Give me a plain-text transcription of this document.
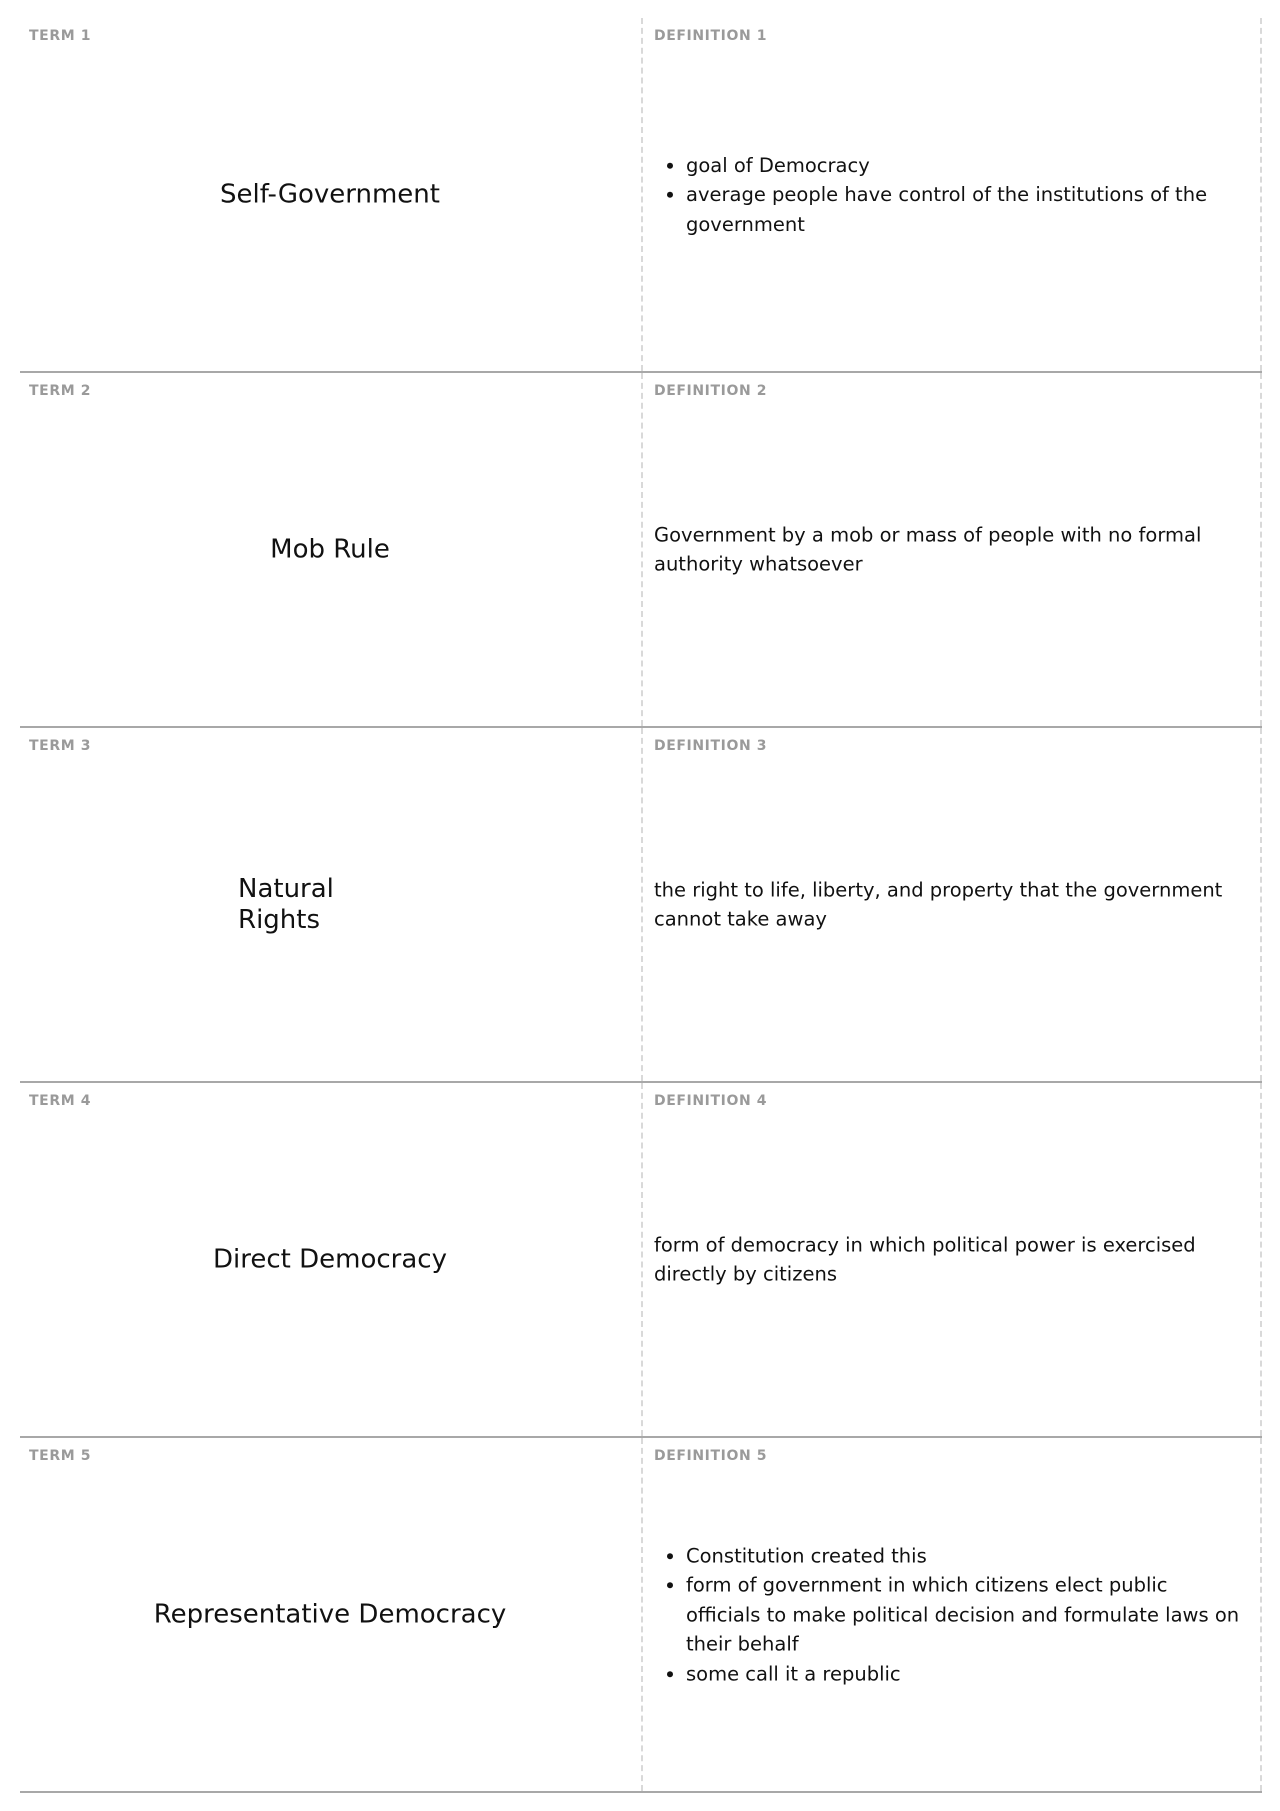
TERM 1
Self-Government
DEFINITION 1
• goal of Democracy
• average people have control of the institutions of the government
TERM 2
Mob Rule
DEFINITION 2

Government by a mob or mass of people with no formal authority whatsoever

TERM 3
Natural Rights
DEFINITION 3

the right to life, liberty, and property that the government cannot take away

TERM 4
Direct Democracy
DEFINITION 4

form of democracy in which political power is exercised directly by citizens

TERM 5
Representative Democracy
DEFINITION 5
• Constitution created this
• form of government in which citizens elect public officials to make political decision and formulate laws on their behalf
• some call it a republic
